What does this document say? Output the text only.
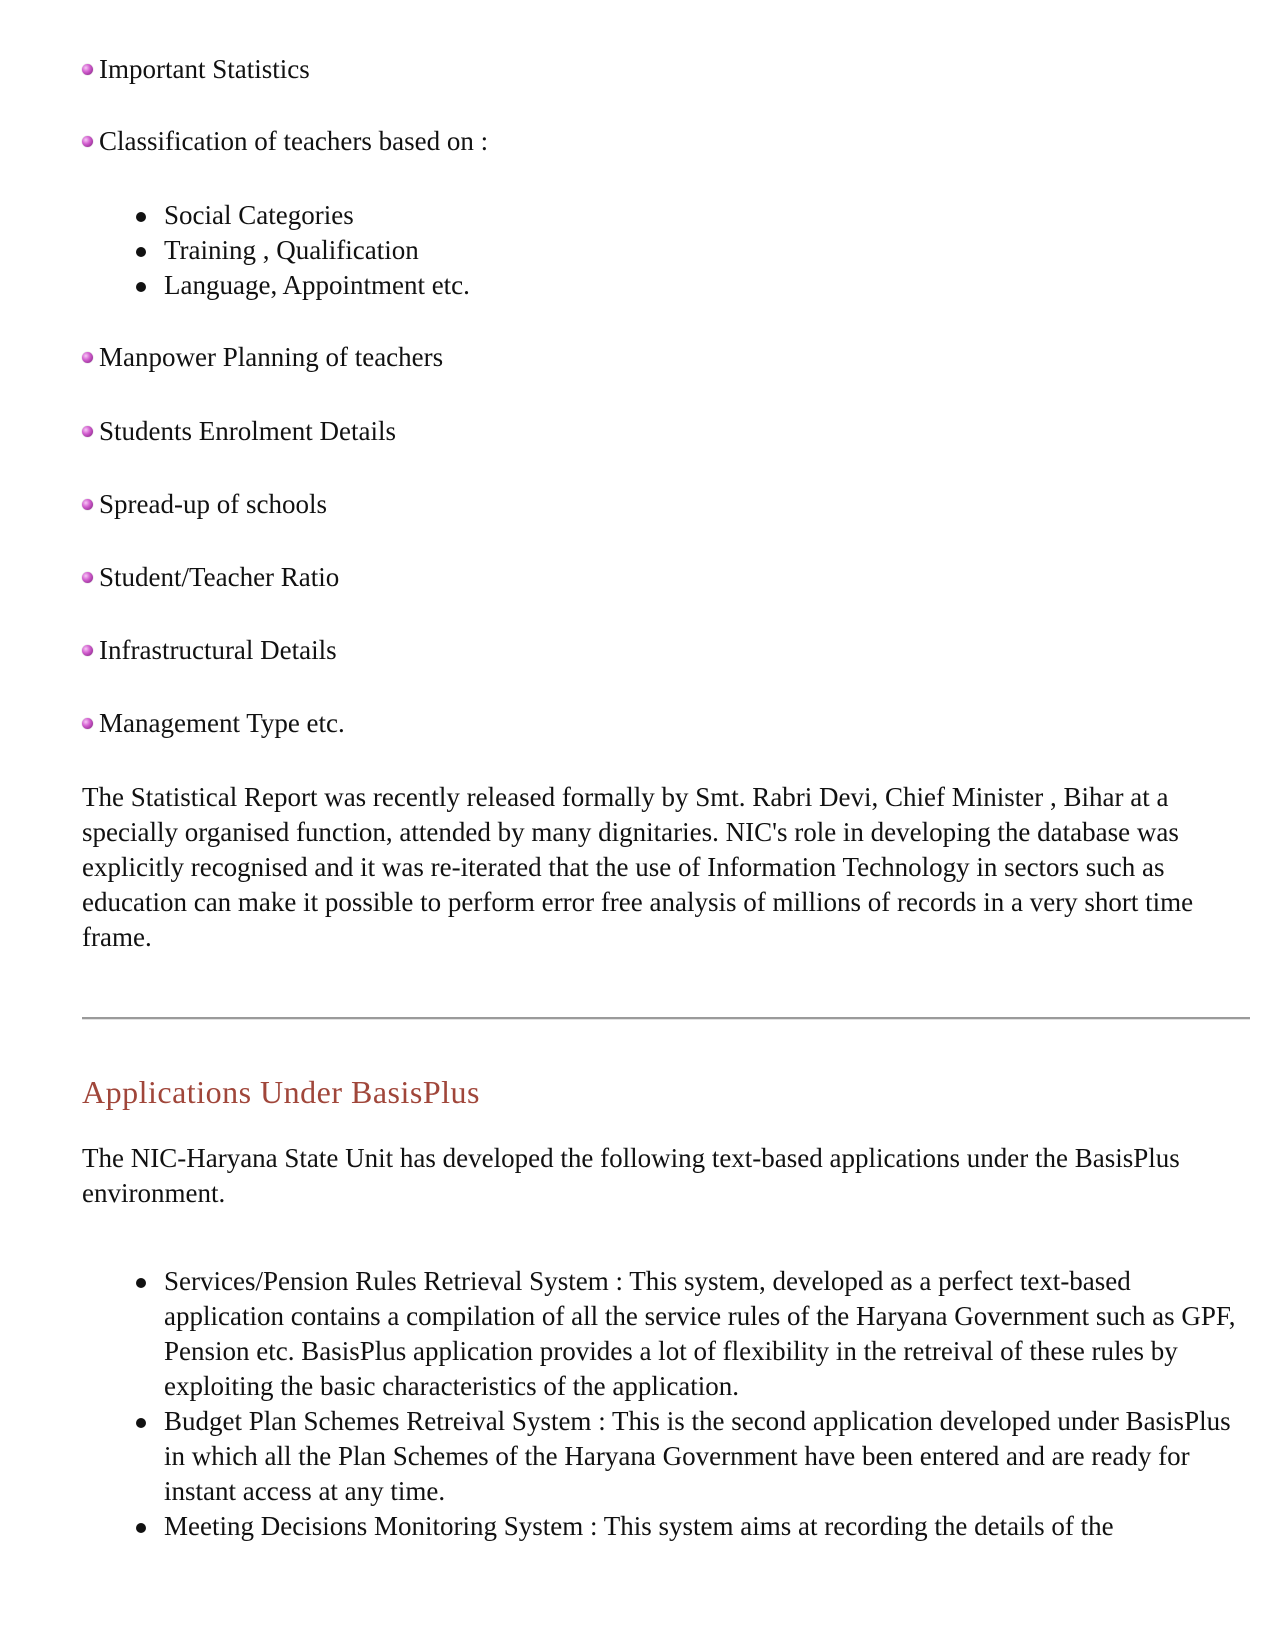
Important Statistics
Classification of teachers based on :
Social Categories
Training , Qualification
Language, Appointment etc.
Manpower Planning of teachers
Students Enrolment Details
Spread-up of schools
Student/Teacher Ratio
Infrastructural Details
Management Type etc.

The Statistical Report was recently released formally by Smt. Rabri Devi, Chief Minister , Bihar at a specially organised function, attended by many dignitaries. NIC's role in developing the database was explicitly recognised and it was re-iterated that the use of Information Technology in sectors such as education can make it possible to perform error free analysis of millions of records in a very short time frame.

Applications Under BasisPlus

The NIC-Haryana State Unit has developed the following text-based applications under the BasisPlus environment.

Services/Pension Rules Retrieval System : This system, developed as a perfect text-based application contains a compilation of all the service rules of the Haryana Government such as GPF, Pension etc. BasisPlus application provides a lot of flexibility in the retreival of these rules by exploiting the basic characteristics of the application.
Budget Plan Schemes Retreival System : This is the second application developed under BasisPlus in which all the Plan Schemes of the Haryana Government have been entered and are ready for instant access at any time.
Meeting Decisions Monitoring System : This system aims at recording the details of the
